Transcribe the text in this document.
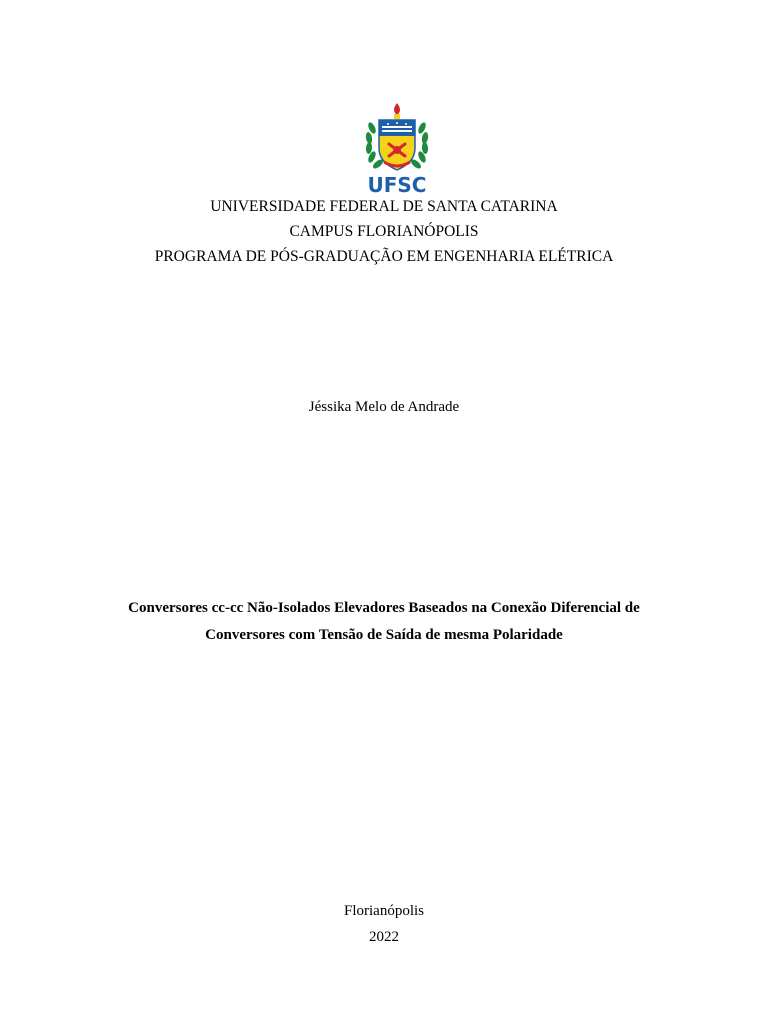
UFSC
UNIVERSIDADE FEDERAL DE SANTA CATARINA
CAMPUS FLORIANÓPOLIS
PROGRAMA DE PÓS-GRADUAÇÃO EM ENGENHARIA ELÉTRICA
Jéssika Melo de Andrade
Conversores cc-cc Não-Isolados Elevadores Baseados na Conexão Diferencial de
Conversores com Tensão de Saída de mesma Polaridade
Florianópolis
2022
